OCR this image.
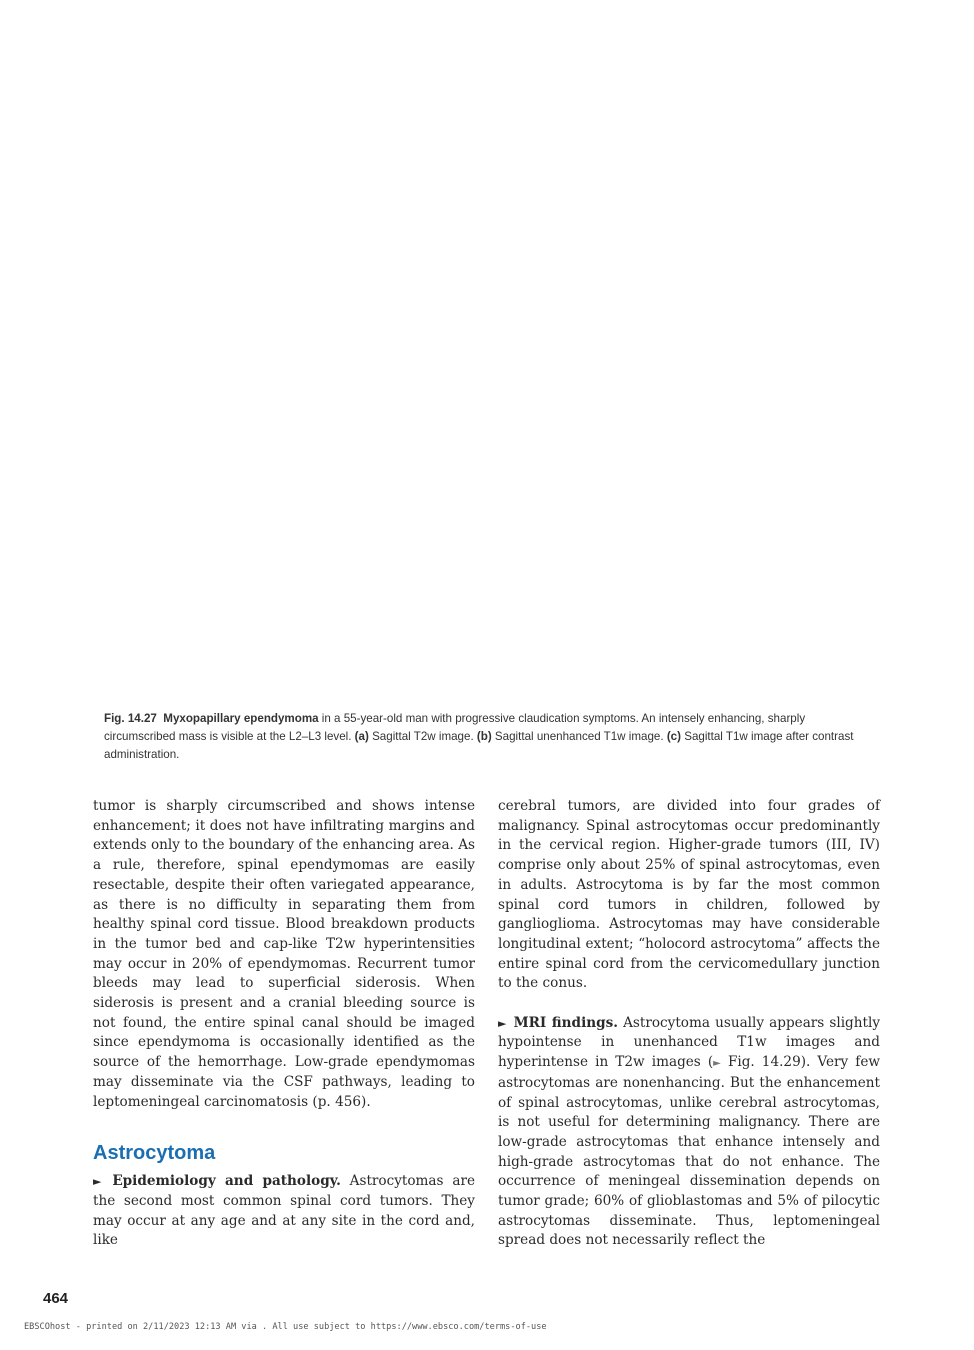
Fig. 14.27 Myxopapillary ependymoma in a 55-year-old man with progressive claudication symptoms. An intensely enhancing, sharply circumscribed mass is visible at the L2–L3 level. (a) Sagittal T2w image. (b) Sagittal unenhanced T1w image. (c) Sagittal T1w image after contrast administration.

tumor is sharply circumscribed and shows intense enhancement; it does not have infiltrating margins and extends only to the boundary of the enhancing area. As a rule, therefore, spinal ependymomas are easily resectable, despite their often variegated appearance, as there is no difficulty in separating them from healthy spinal cord tissue. Blood breakdown products in the tumor bed and cap-like T2w hyperintensities may occur in 20% of ependymomas. Recurrent tumor bleeds may lead to superficial siderosis. When siderosis is present and a cranial bleeding source is not found, the entire spinal canal should be imaged since ependymoma is occasionally identified as the source of the hemorrhage. Low-grade ependymomas may disseminate via the CSF pathways, leading to leptomeningeal carcinomatosis (p. 456).

Astrocytoma

► Epidemiology and pathology. Astrocytomas are the second most common spinal cord tumors. They may occur at any age and at any site in the cord and, like

cerebral tumors, are divided into four grades of malignancy. Spinal astrocytomas occur predominantly in the cervical region. Higher-grade tumors (III, IV) comprise only about 25% of spinal astrocytomas, even in adults. Astrocytoma is by far the most common spinal cord tumors in children, followed by ganglioglioma. Astrocytomas may have considerable longitudinal extent; “holocord astrocytoma” affects the entire spinal cord from the cervicomedullary junction to the conus.

► MRI findings. Astrocytoma usually appears slightly hypointense in unenhanced T1w images and hyperintense in T2w images (► Fig. 14.29). Very few astrocytomas are nonenhancing. But the enhancement of spinal astrocytomas, unlike cerebral astrocytomas, is not useful for determining malignancy. There are low-grade astrocytomas that enhance intensely and high-grade astrocytomas that do not enhance. The occurrence of meningeal dissemination depends on tumor grade; 60% of glioblastomas and 5% of pilocytic astrocytomas disseminate. Thus, leptomeningeal spread does not necessarily reflect the

464
EBSCOhost - printed on 2/11/2023 12:13 AM via . All use subject to https://www.ebsco.com/terms-of-use
